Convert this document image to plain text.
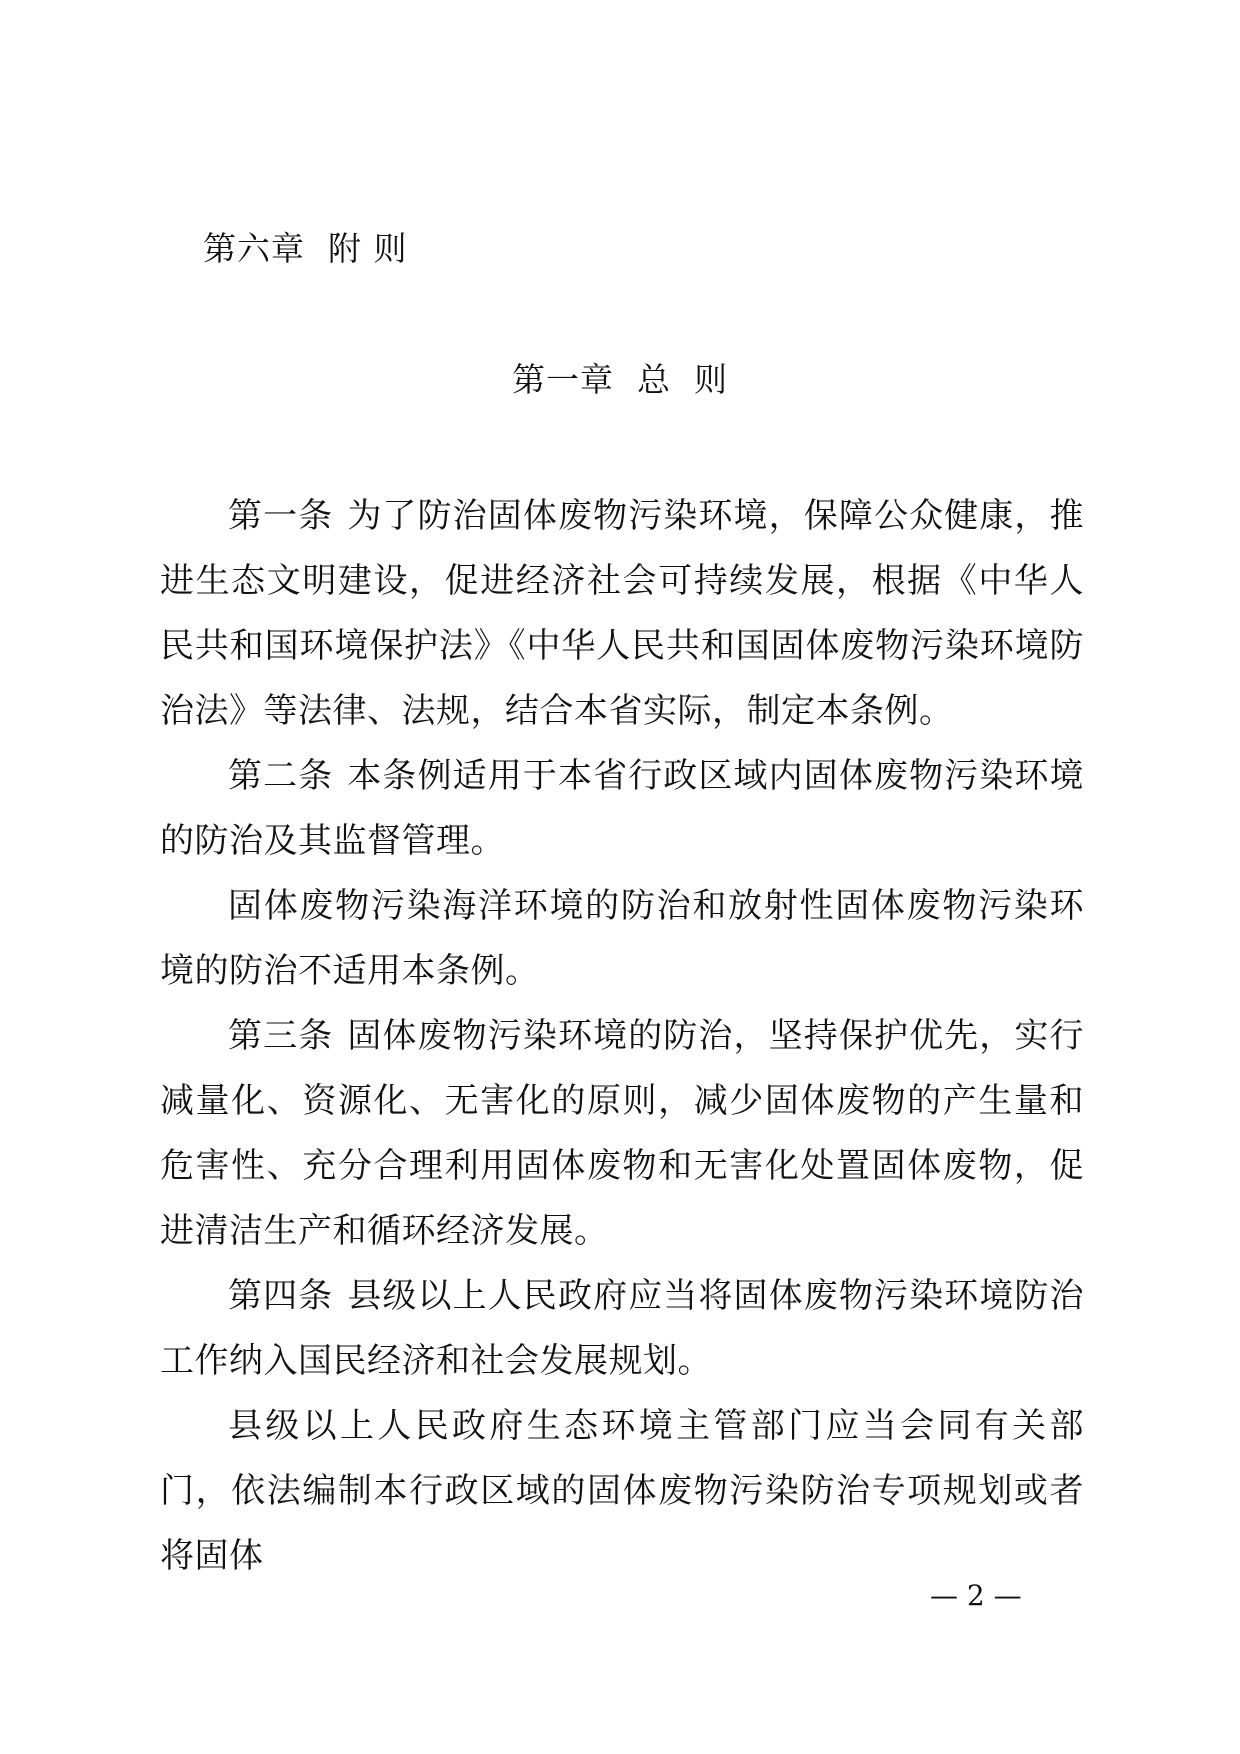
第六章  附 则
第一章  总  则

第一条 为了防治固体废物污染环境，保障公众健康，推进生态文明建设，促进经济社会可持续发展，根据《中华人民共和国环境保护法》《中华人民共和国固体废物污染环境防治法》等法律、法规，结合本省实际，制定本条例。

第二条 本条例适用于本省行政区域内固体废物污染环境的防治及其监督管理。

固体废物污染海洋环境的防治和放射性固体废物污染环境的防治不适用本条例。

第三条 固体废物污染环境的防治，坚持保护优先，实行减量化、资源化、无害化的原则，减少固体废物的产生量和危害性、充分合理利用固体废物和无害化处置固体废物，促进清洁生产和循环经济发展。

第四条 县级以上人民政府应当将固体废物污染环境防治工作纳入国民经济和社会发展规划。

县级以上人民政府生态环境主管部门应当会同有关部门，依法编制本行政区域的固体废物污染防治专项规划或者将固体

— 2 —
